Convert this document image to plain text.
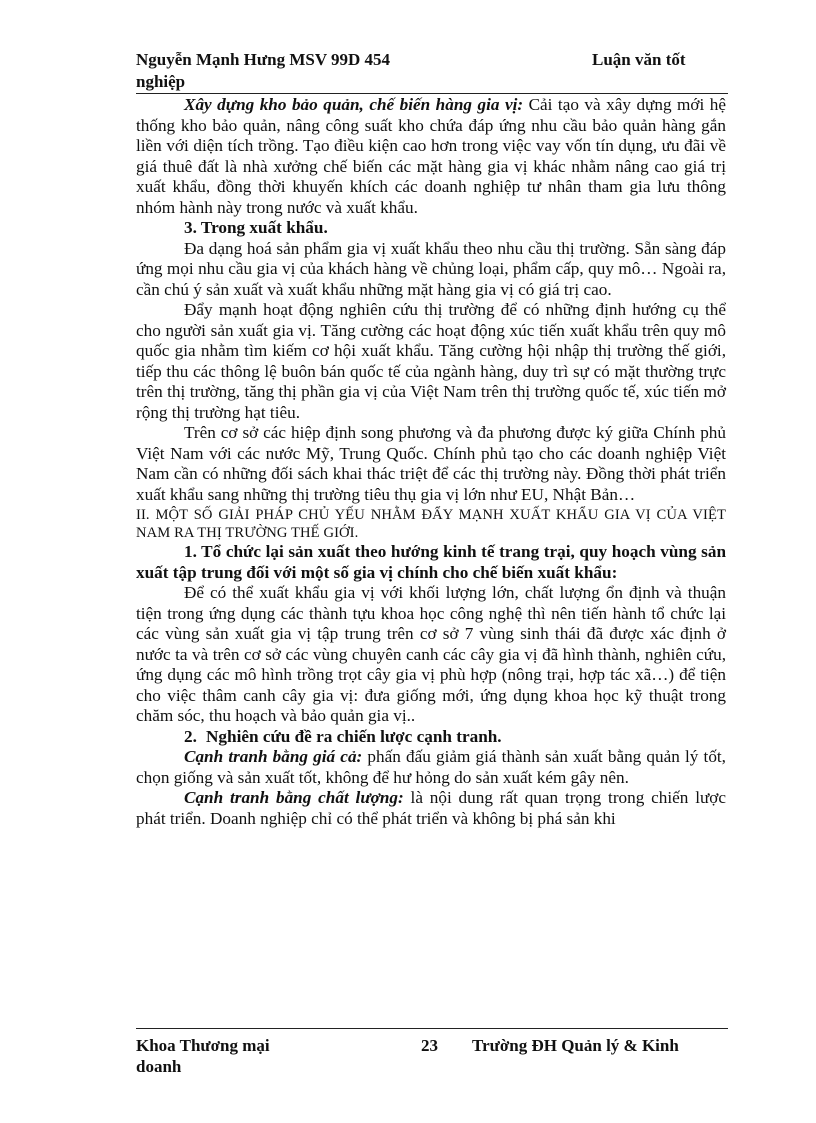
Nguyễn Mạnh Hưng MSV 99D 454	Luận văn tốt
nghiệp

Xây dựng kho bảo quản, chế biến hàng gia vị: Cải tạo và xây dựng mới hệ thống kho bảo quản, nâng công suất kho chứa đáp ứng nhu cầu bảo quản hàng gắn liền với diện tích trồng. Tạo điều kiện cao hơn trong việc vay vốn tín dụng, ưu đãi về giá thuê đất là nhà xưởng chế biến các mặt hàng gia vị khác nhằm nâng cao giá trị xuất khẩu, đồng thời khuyến khích các doanh nghiệp tư nhân tham gia lưu thông nhóm hành này trong nước và xuất khẩu.

3. Trong xuất khẩu.

Đa dạng hoá sản phẩm gia vị xuất khẩu theo nhu cầu thị trường. Sẵn sàng đáp ứng mọi nhu cầu gia vị của khách hàng về chủng loại, phẩm cấp, quy mô… Ngoài ra, cần chú ý sản xuất và xuất khẩu những mặt hàng gia vị có giá trị cao.

Đẩy mạnh hoạt động nghiên cứu thị trường để có những định hướng cụ thể cho người sản xuất gia vị. Tăng cường các hoạt động xúc tiến xuất khẩu trên quy mô quốc gia nhằm tìm kiếm cơ hội xuất khẩu. Tăng cường hội nhập thị trường thế giới, tiếp thu các thông lệ buôn bán quốc tế của ngành hàng, duy trì sự có mặt thường trực trên thị trường, tăng thị phần gia vị của Việt Nam trên thị trường quốc tế, xúc tiến mở rộng thị trường hạt tiêu.

Trên cơ sở các hiệp định song phương và đa phương được ký giữa Chính phủ Việt Nam với các nước Mỹ, Trung Quốc. Chính phủ tạo cho các doanh nghiệp Việt Nam cần có những đối sách khai thác triệt để các thị trường này. Đồng thời phát triển xuất khẩu sang những thị trường tiêu thụ gia vị lớn như EU, Nhật Bản…

II. MỘT SỐ GIẢI PHÁP CHỦ YẾU NHẰM ĐẨY MẠNH XUẤT KHẨU GIA VỊ CỦA VIỆT NAM RA THỊ TRƯỜNG THẾ GIỚI.

1. Tổ chức lại sản xuất theo hướng kinh tế trang trại, quy hoạch vùng sản xuất tập trung đối với một số gia vị chính cho chế biến xuất khẩu:

Để có thể xuất khẩu gia vị với khối lượng lớn, chất lượng ổn định và thuận tiện trong ứng dụng các thành tựu khoa học công nghệ thì nên tiến hành tổ chức lại các vùng sản xuất gia vị tập trung trên cơ sở 7 vùng sinh thái đã được xác định ở nước ta và trên cơ sở các vùng chuyên canh các cây gia vị đã hình thành, nghiên cứu, ứng dụng các mô hình trồng trọt cây gia vị phù hợp (nông trại, hợp tác xã…) để tiện cho việc thâm canh cây gia vị: đưa giống mới, ứng dụng khoa học kỹ thuật trong chăm sóc, thu hoạch và bảo quản gia vị..

2. Nghiên cứu đề ra chiến lược cạnh tranh.

Cạnh tranh bằng giá cả: phấn đấu giảm giá thành sản xuất bằng quản lý tốt, chọn giống và sản xuất tốt, không để hư hỏng do sản xuất kém gây nên.

Cạnh tranh bằng chất lượng: là nội dung rất quan trọng trong chiến lược phát triển. Doanh nghiệp chỉ có thể phát triển và không bị phá sản khi

Khoa Thương mại
doanh
23 Trường ĐH Quản lý & Kinh
